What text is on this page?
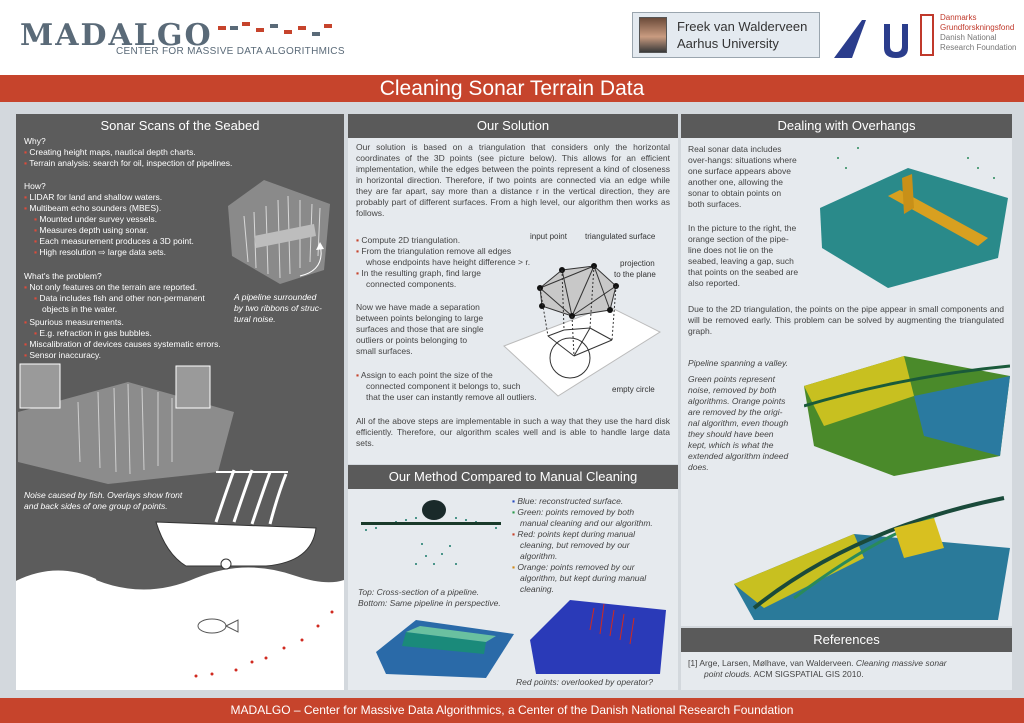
MADALGO
CENTER FOR MASSIVE DATA ALGORITHMICS
Freek van Walderveen
Aarhus University
Danmarks
Grundforskningsfond
Danish National
Research Foundation
Cleaning Sonar Terrain Data
Sonar Scans of the Seabed
Why?
▪ Creating height maps, nautical depth charts.
▪ Terrain analysis: search for oil, inspection of pipelines.
How?
▪ LIDAR for land and shallow waters.
▪ Multibeam echo sounders (MBES).
▪ Mounted under survey vessels.
▪ Measures depth using sonar.
▪ Each measurement produces a 3D point.
▪ High resolution ⇨ large data sets.
What's the problem?
▪ Not only features on the terrain are reported.
▪ Data includes fish and other non-permanent
objects in the water.
▪ Spurious measurements.
▪ E.g. refraction in gas bubbles.
▪ Miscalibration of devices causes systematic errors.
▪ Sensor inaccuracy.
A pipeline surrounded
by two ribbons of struc-
tural noise.
Noise caused by fish. Overlays show front
and back sides of one group of points.
Our Solution
Our solution is based on a triangulation that considers only the horizontal coordinates of the 3D points (see picture below). This allows for an efficient implementation, while the edges between the points represent a kind of closeness in horizontal direction. Therefore, if two points are connected via an edge while they are far apart, say more than a distance r in the vertical direction, they are probably part of different surfaces. From a high level, our algorithm then works as follows.
▪ Compute 2D triangulation.
▪ From the triangulation remove all edges
whose endpoints have height difference > r.
▪ In the resulting graph, find large
connected components.
Now we have made a separation
between points belonging to large
surfaces and those that are single
outliers or points belonging to
small surfaces.
▪ Assign to each point the size of the
connected component it belongs to, such
that the user can instantly remove all outliers.
All of the above steps are implementable in such a way that they use the hard disk efficiently. Therefore, our algorithm scales well and is able to handle large data sets.
input point triangulated surface
projection
to the plane
empty circle
Our Method Compared to Manual Cleaning
▪ Blue: reconstructed surface.
▪ Green: points removed by both
manual cleaning and our algorithm.
▪ Red: points kept during manual
cleaning, but removed by our
algorithm.
▪ Orange: points removed by our
algorithm, but kept during manual
cleaning.
Top: Cross-section of a pipeline.
Bottom: Same pipeline in perspective.
Red points: overlooked by operator?
Dealing with Overhangs
Real sonar data includes
over-hangs: situations where
one surface appears above
another one, allowing the
sonar to obtain points on
both surfaces.
In the picture to the right, the
orange section of the pipe-
line does not lie on the
seabed, leaving a gap, such
that points on the seabed are
also reported.
Due to the 2D triangulation, the points on the pipe appear in small components and will be removed early. This problem can be solved by augmenting the triangulated graph.
Pipeline spanning a valley.
Green points represent
noise, removed by both
algorithms. Orange points
are removed by the origi-
nal algorithm, even though
they should have been
kept, which is what the
extended algorithm indeed
does.
References
[1] Arge, Larsen, Mølhave, van Walderveen. Cleaning massive sonar
point clouds. ACM SIGSPATIAL GIS 2010.
MADALGO – Center for Massive Data Algorithmics, a Center of the Danish National Research Foundation
